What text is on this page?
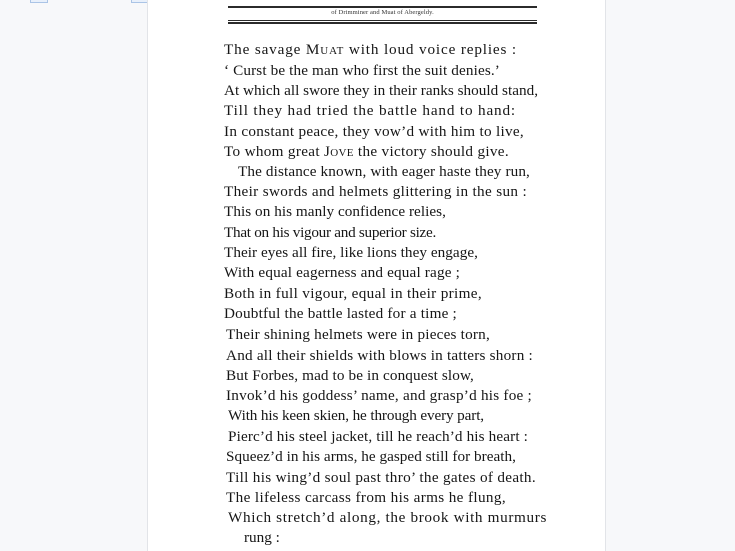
of Drimminer and Muat of Abergeldy.
The savage Muat with loud voice replies :
‘ Curst be the man who first the suit denies.’
At which all swore they in their ranks should stand,
Till they had tried the battle hand to hand:
In constant peace, they vow’d with him to live,
To whom great Jove the victory should give.
The distance known, with eager haste they run,
Their swords and helmets glittering in the sun :
This on his manly confidence relies,
That on his vigour and superior size.
Their eyes all fire, like lions they engage,
With equal eagerness and equal rage ;
Both in full vigour, equal in their prime,
Doubtful the battle lasted for a time ;
Their shining helmets were in pieces torn,
And all their shields with blows in tatters shorn :
But Forbes, mad to be in conquest slow,
Invok’d his goddess’ name, and grasp’d his foe ;
With his keen skien, he through every part,
Pierc’d his steel jacket, till he reach’d his heart :
Squeez’d in his arms, he gasped still for breath,
Till his wing’d soul past thro’ the gates of death.
The lifeless carcass from his arms he flung,
Which stretch’d along, the brook with murmurs
rung :
